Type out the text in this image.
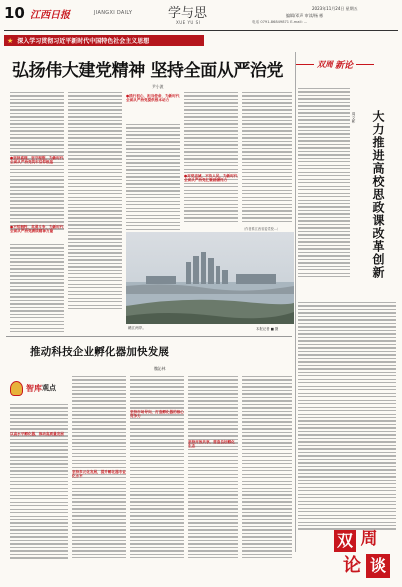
10 江西日报	JIANGXI DAILY	学与思
XUE YU SI
2023年11月24日 星期五
编辑/邓声 审读/杨 彬
电话 0791-86849871 E-mail: ...
★ 深入学习贯彻习近平新时代中国特色社会主义思想
弘扬伟大建党精神 坚持全面从严治党
尹小波
双周 新论
大力推进高校思政课改革创新
周文彬
●践行初心，担当使命，为新时代全面从严治党提供根本动力
●坚持真理，坚守理想，为新时代全面从严治党筑牢信仰根基
●不怕牺牲，英勇斗争，为新时代全面从严治党赓续精神力量
●对党忠诚，不负人民，为新时代全面从严治党汇聚磅礴伟力
（作者系江西省委党校...）
赣江两岸。	本报记者 ■ 摄
推动科技企业孵化器加快发展
魏沁林
智库 观点
以高水平孵化器，推动高质量发展
坚持多元化发展，提升孵化器专业化水平
坚持市场导向，打造孵化器的核心竞争力
坚持开放共享，营造良好孵化生态
双 周
论 谈
